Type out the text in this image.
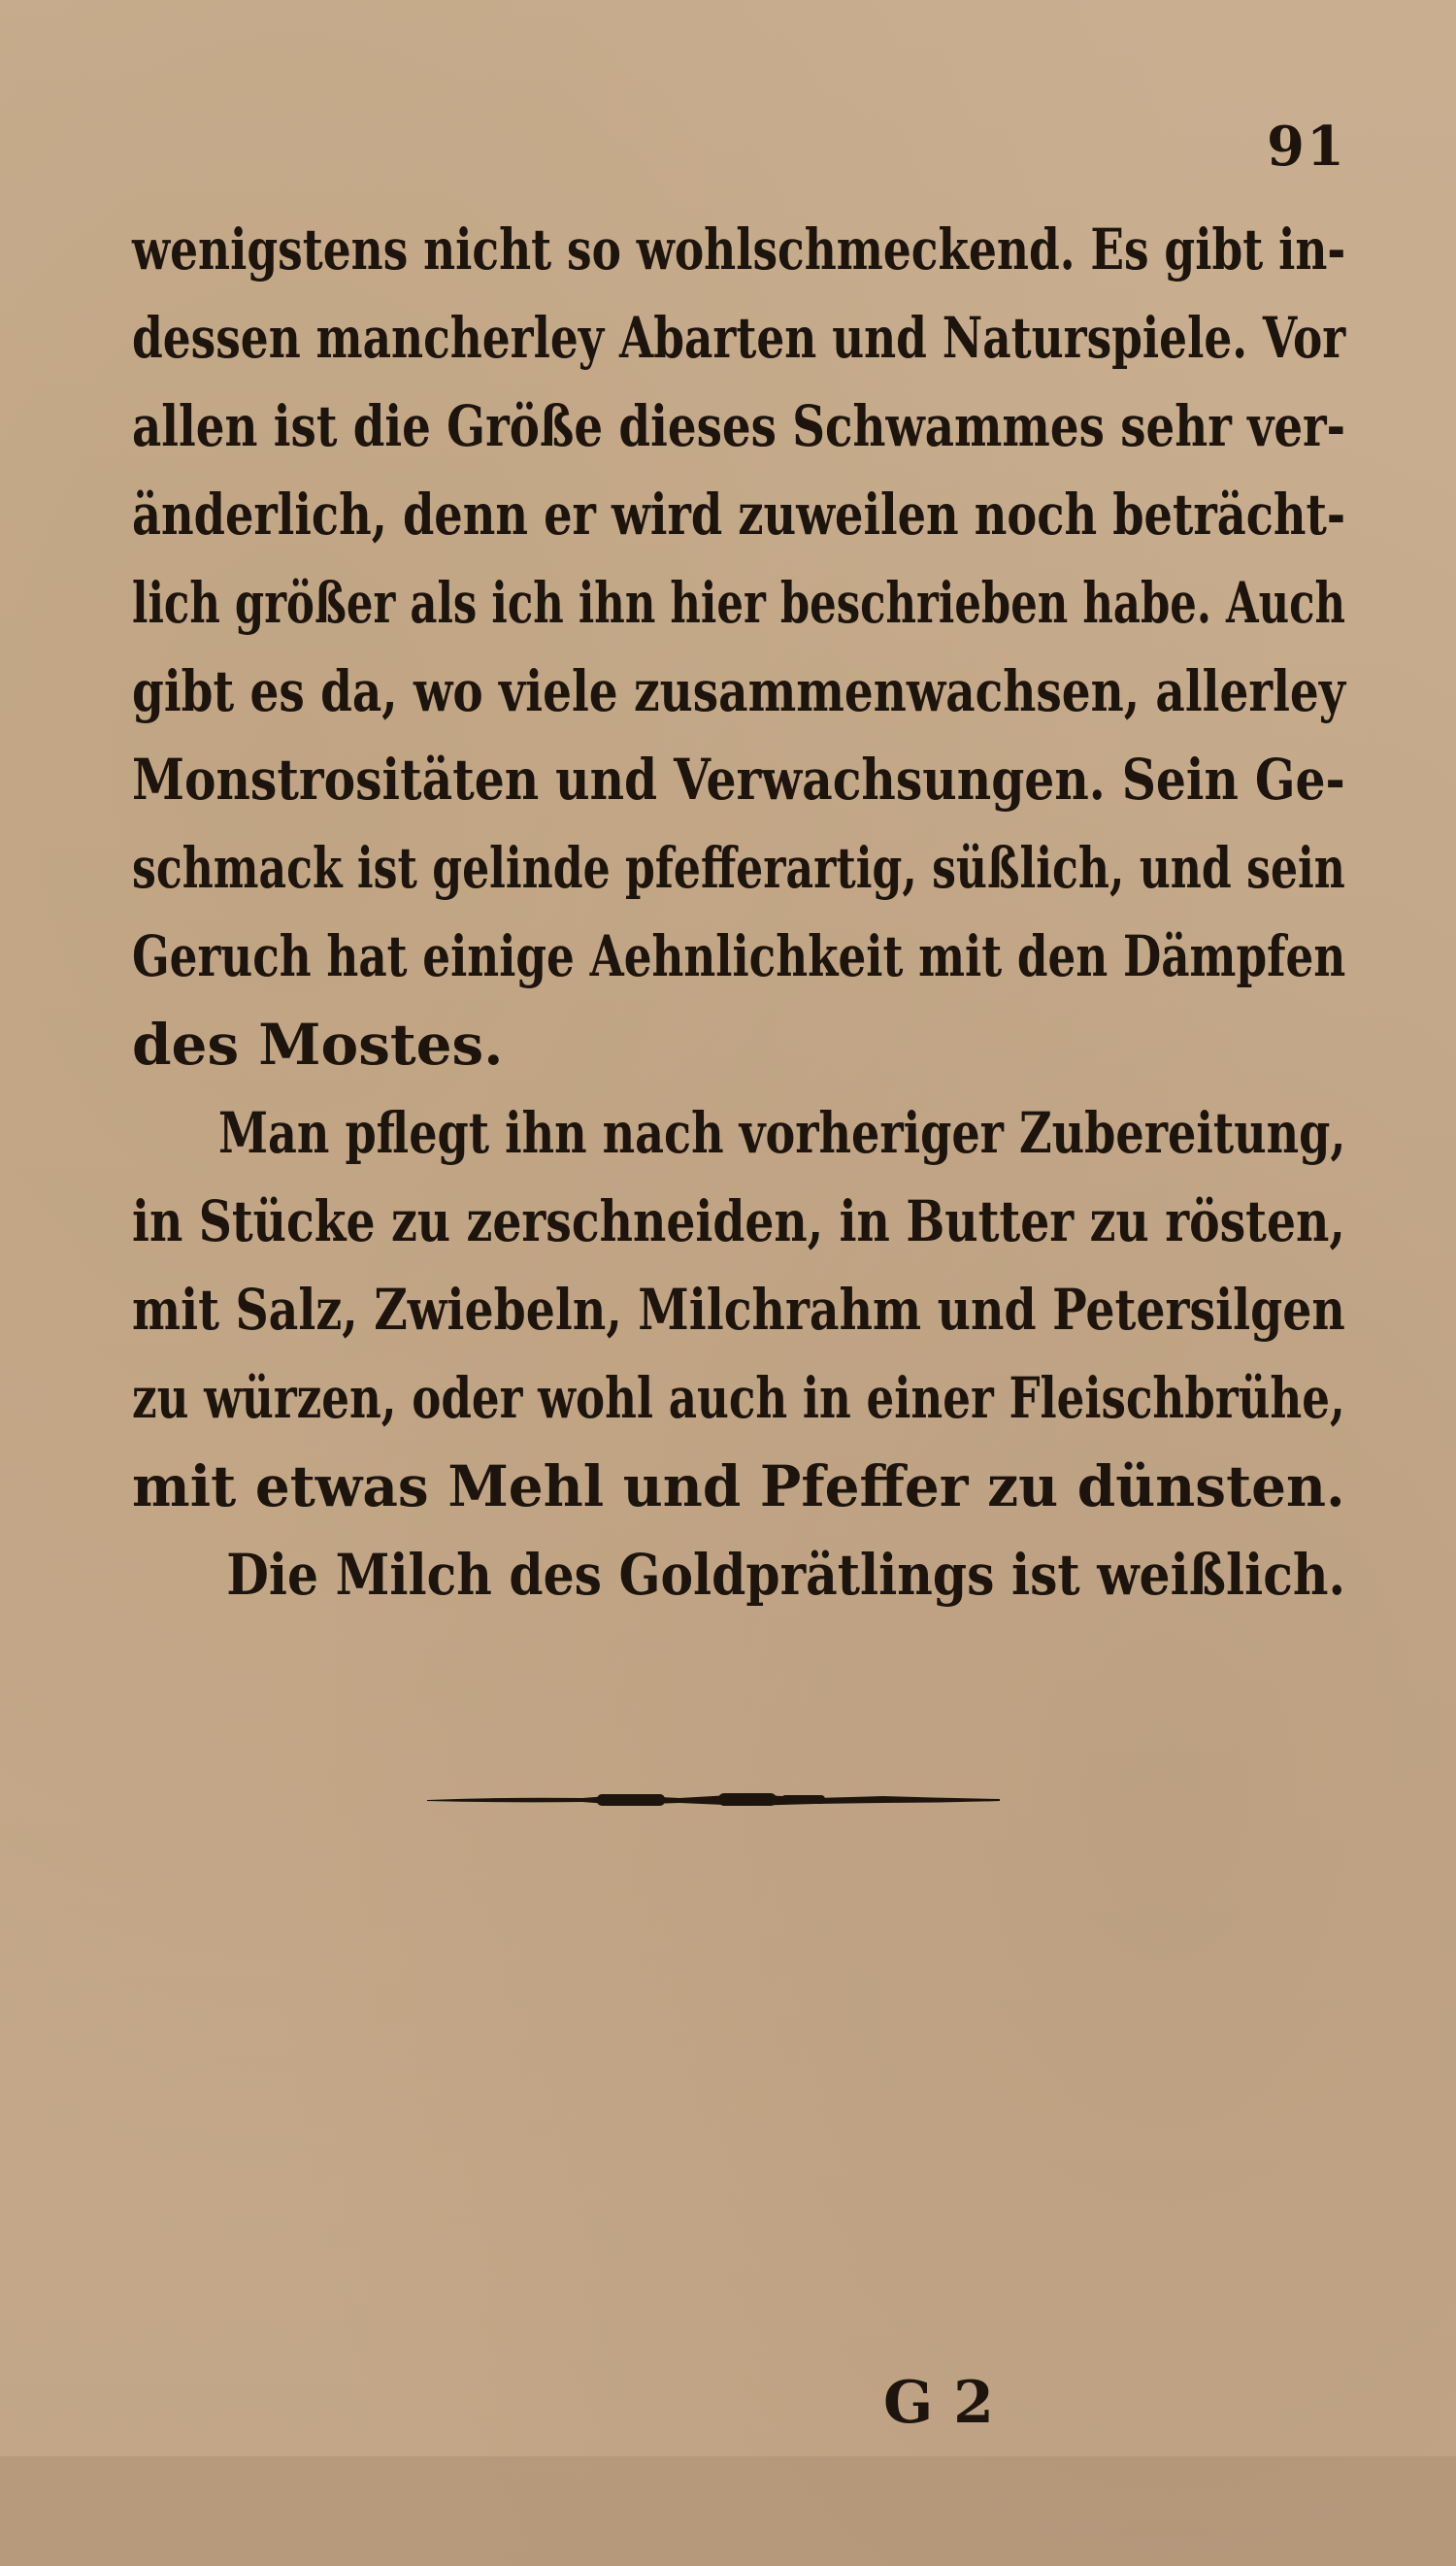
91
wenigstens nicht so wohlschmeckend. Es gibt in-
dessen mancherley Abarten und Naturspiele. Vor
allen ist die Größe dieses Schwammes sehr ver-
änderlich, denn er wird zuweilen noch beträcht-
lich größer als ich ihn hier beschrieben habe. Auch
gibt es da, wo viele zusammenwachsen, allerley
Monstrositäten und Verwachsungen. Sein Ge-
schmack ist gelinde pfefferartig, süßlich, und sein
Geruch hat einige Aehnlichkeit mit den Dämpfen
des Mostes.
Man pflegt ihn nach vorheriger Zubereitung,
in Stücke zu zerschneiden, in Butter zu rösten,
mit Salz, Zwiebeln, Milchrahm und Petersilgen
zu würzen, oder wohl auch in einer Fleischbrühe,
mit etwas Mehl und Pfeffer zu dünsten.
Die Milch des Goldprätlings ist weißlich.
G 2
